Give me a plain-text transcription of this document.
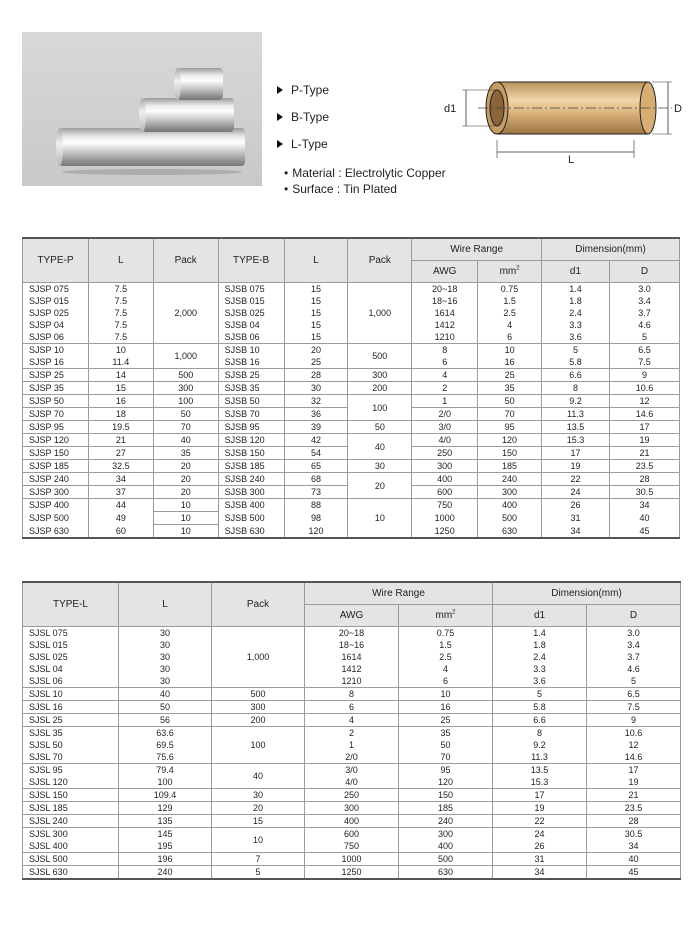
P-Type
B-Type
L-Type
• Material : Electrolytic Copper
• Surface : Tin Plated
d1	D
L
TYPE-P	L	Pack	TYPE-B	L	Pack	Wire Range		Dimension(mm)	
						AWG	$mm^2$	d1	D
SJSP 075	7.5	2,000	SJSB 075	15	1,000	20~18	0.75	1.4	3.0
SJSP 015	7.5		SJSB 015	15		18~16	1.5	1.8	3.4
SJSP 025	7.5		SJSB 025	15		1614	2.5	2.4	3.7
SJSP 04	7.5		SJSB 04	15		1412	4	3.3	4.6
SJSP 06	7.5		SJSB 06	15		1210	6	3.6	5
SJSP 10	10	1,000	SJSB 10	20	500	8	10	5	6.5
SJSP 16	11.4		SJSB 16	25		6	16	5.8	7.5
SJSP 25	14	500	SJSB 25	28	300	4	25	6.6	9
SJSP 35	15	300	SJSB 35	30	200	2	35	8	10.6
SJSP 50	16	100	SJSB 50	32	100	1	50	9.2	12
SJSP 70	18	50	SJSB 70	36		2/0	70	11.3	14.6
SJSP 95	19.5	70	SJSB 95	39	50	3/0	95	13.5	17
SJSP 120	21	40	SJSB 120	42	40	4/0	120	15.3	19
SJSP 150	27	35	SJSB 150	54		250	150	17	21
SJSP 185	32.5	20	SJSB 185	65	30	300	185	19	23.5
SJSP 240	34	20	SJSB 240	68	20	400	240	22	28
SJSP 300	37	20	SJSB 300	73		600	300	24	30.5
SJSP 400	44	10	SJSB 400	88	10	750	400	26	34
SJSP 500	49	10	SJSB 500	98		1000	500	31	40
SJSP 630	60	10	SJSB 630	120		1250	630	34	45
TYPE-L	L	Pack	Wire Range		Dimension(mm)	
			AWG	$mm^2$	d1	D
SJSL 075	30	1,000	20~18	0.75	1.4	3.0
SJSL 015	30		18~16	1.5	1.8	3.4
SJSL 025	30		1614	2.5	2.4	3.7
SJSL 04	30		1412	4	3.3	4.6
SJSL 06	30		1210	6	3.6	5
SJSL 10	40	500	8	10	5	6.5
SJSL 16	50	300	6	16	5.8	7.5
SJSL 25	56	200	4	25	6.6	9
SJSL 35	63.6	100	2	35	8	10.6
SJSL 50	69.5		1	50	9.2	12
SJSL 70	75.6		2/0	70	11.3	14.6
SJSL 95	79.4	40	3/0	95	13.5	17
SJSL 120	100		4/0	120	15.3	19
SJSL 150	109.4	30	250	150	17	21
SJSL 185	129	20	300	185	19	23.5
SJSL 240	135	15	400	240	22	28
SJSL 300	145	10	600	300	24	30.5
SJSL 400	195		750	400	26	34
SJSL 500	196	7	1000	500	31	40
SJSL 630	240	5	1250	630	34	45
